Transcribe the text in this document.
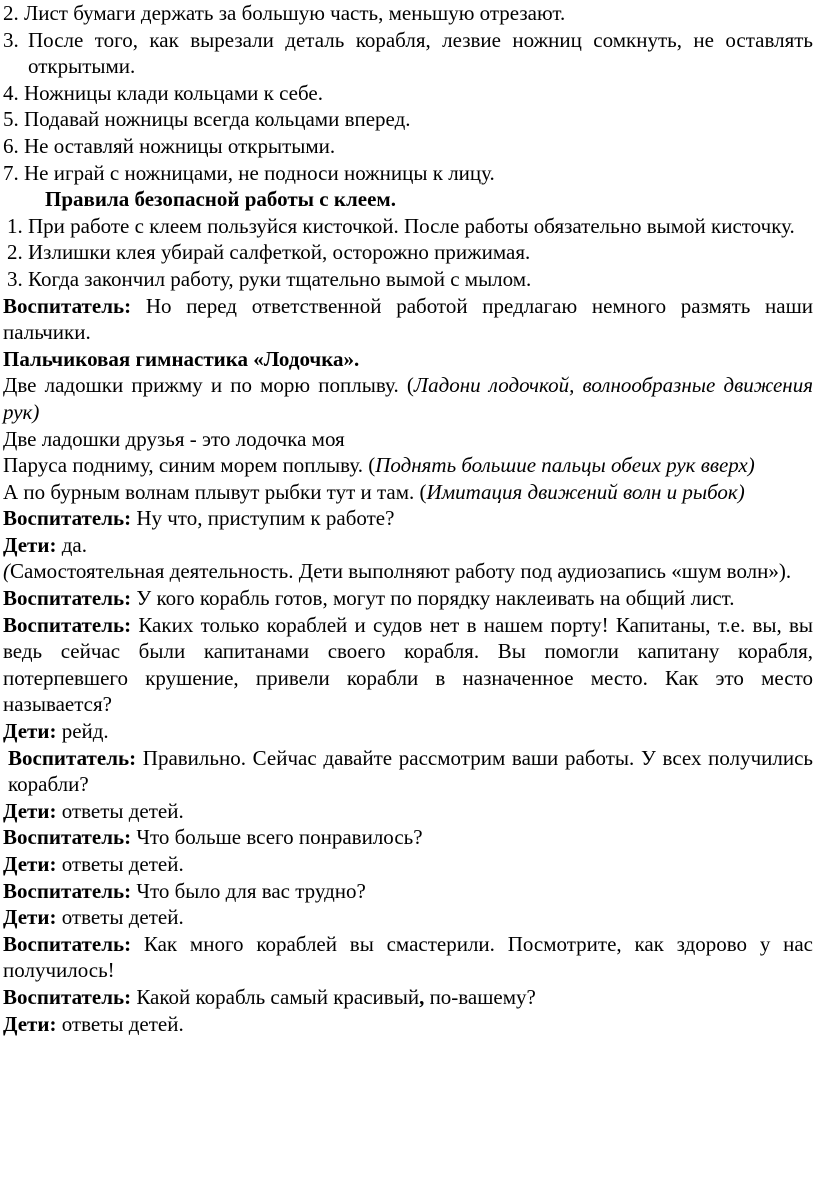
2.
Лист бумаги держать за большую часть, меньшую отрезают.
3. После того, как вырезали деталь корабля, лезвие ножниц сомкнуть, не оставлять открытыми.
4.
Ножницы клади кольцами к себе.
5.
Подавай ножницы всегда кольцами вперед.
6.
Не оставляй ножницы открытыми.
7.
Не играй с ножницами, не подноси ножницы к лицу.

Правила безопасной работы с клеем.

1. При работе с клеем пользуйся кисточкой. После работы обязательно вымой кисточку.

2. Излишки клея убирай салфеткой, осторожно прижимая.

3. Когда закончил работу, руки тщательно вымой с мылом.

Воспитатель: Но перед ответственной работой предлагаю немного размять наши пальчики.

Пальчиковая гимнастика «Лодочка».

Две ладошки прижму и по морю поплыву. (Ладони лодочкой, волнообразные движения рук)

Две ладошки друзья - это лодочка моя

Паруса подниму, синим морем поплыву. (Поднять большие пальцы обеих рук вверх)

А по бурным волнам плывут рыбки тут и там. (Имитация движений волн и рыбок)

Воспитатель: Ну что, приступим к работе?

Дети: да.

(Самостоятельная деятельность. Дети выполняют работу под аудиозапись «шум волн»).

Воспитатель: У кого корабль готов, могут по порядку наклеивать на общий лист.

Воспитатель: Каких только кораблей и судов нет в нашем порту! Капитаны, т.е. вы, вы ведь сейчас были капитанами своего корабля. Вы помогли капитану корабля, потерпевшего крушение, привели корабли в назначенное место. Как это место называется?

Дети: рейд.

Воспитатель: Правильно. Сейчас давайте рассмотрим ваши работы. У всех получились корабли?

Дети: ответы детей.

Воспитатель: Что больше всего понравилось?

Дети: ответы детей.

Воспитатель: Что было для вас трудно?

Дети: ответы детей.

Воспитатель: Как много кораблей вы смастерили. Посмотрите, как здорово у нас получилось!

Воспитатель: Какой корабль самый красивый, по-вашему?

Дети: ответы детей.
